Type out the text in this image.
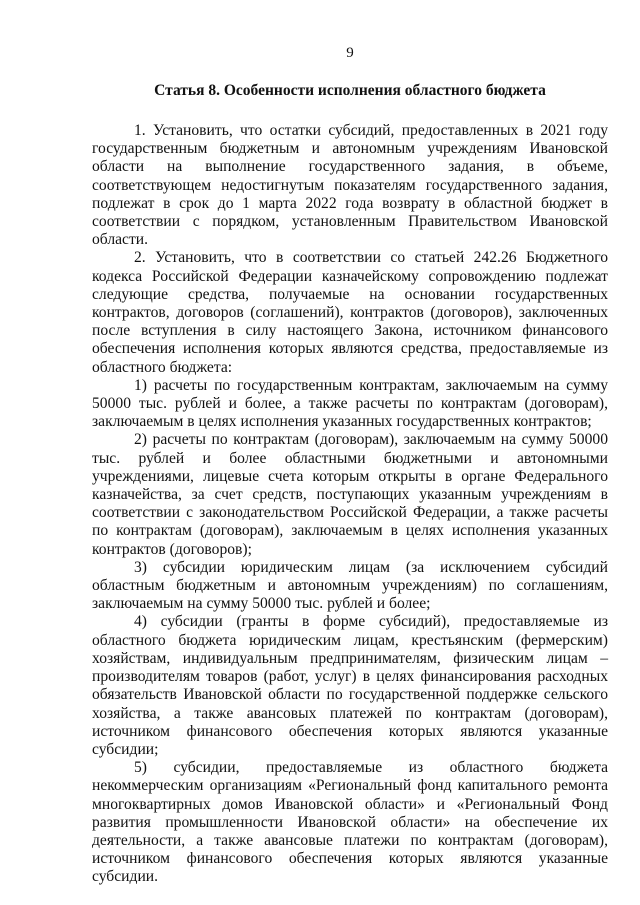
9
Статья 8. Особенности исполнения областного бюджета

1. Установить, что остатки субсидий, предоставленных в 2021 году государственным бюджетным и автономным учреждениям Ивановской области на выполнение государственного задания, в объеме, соответствующем недостигнутым показателям государственного задания, подлежат в срок до 1 марта 2022 года возврату в областной бюджет в соответствии с порядком, установленным Правительством Ивановской области.

2. Установить, что в соответствии со статьей 242.26 Бюджетного кодекса Российской Федерации казначейскому сопровождению подлежат следующие средства, получаемые на основании государственных контрактов, договоров (соглашений), контрактов (договоров), заключенных после вступления в силу настоящего Закона, источником финансового обеспечения исполнения которых являются средства, предоставляемые из областного бюджета:

1) расчеты по государственным контрактам, заключаемым на сумму 50000 тыс. рублей и более, а также расчеты по контрактам (договорам), заключаемым в целях исполнения указанных государственных контрактов;

2) расчеты по контрактам (договорам), заключаемым на сумму 50000 тыс. рублей и более областными бюджетными и автономными учреждениями, лицевые счета которым открыты в органе Федерального казначейства, за счет средств, поступающих указанным учреждениям в соответствии с законодательством Российской Федерации, а также расчеты по контрактам (договорам), заключаемым в целях исполнения указанных контрактов (договоров);

3) субсидии юридическим лицам (за исключением субсидий областным бюджетным и автономным учреждениям) по соглашениям, заключаемым на сумму 50000 тыс. рублей и более;

4) субсидии (гранты в форме субсидий), предоставляемые из областного бюджета юридическим лицам, крестьянским (фермерским) хозяйствам, индивидуальным предпринимателям, физическим лицам – производителям товаров (работ, услуг) в целях финансирования расходных обязательств Ивановской области по государственной поддержке сельского хозяйства, а также авансовых платежей по контрактам (договорам), источником финансового обеспечения которых являются указанные субсидии;

5) субсидии, предоставляемые из областного бюджета некоммерческим организациям «Региональный фонд капитального ремонта многоквартирных домов Ивановской области» и «Региональный Фонд развития промышленности Ивановской области» на обеспечение их деятельности, а также авансовые платежи по контрактам (договорам), источником финансового обеспечения которых являются указанные субсидии.
